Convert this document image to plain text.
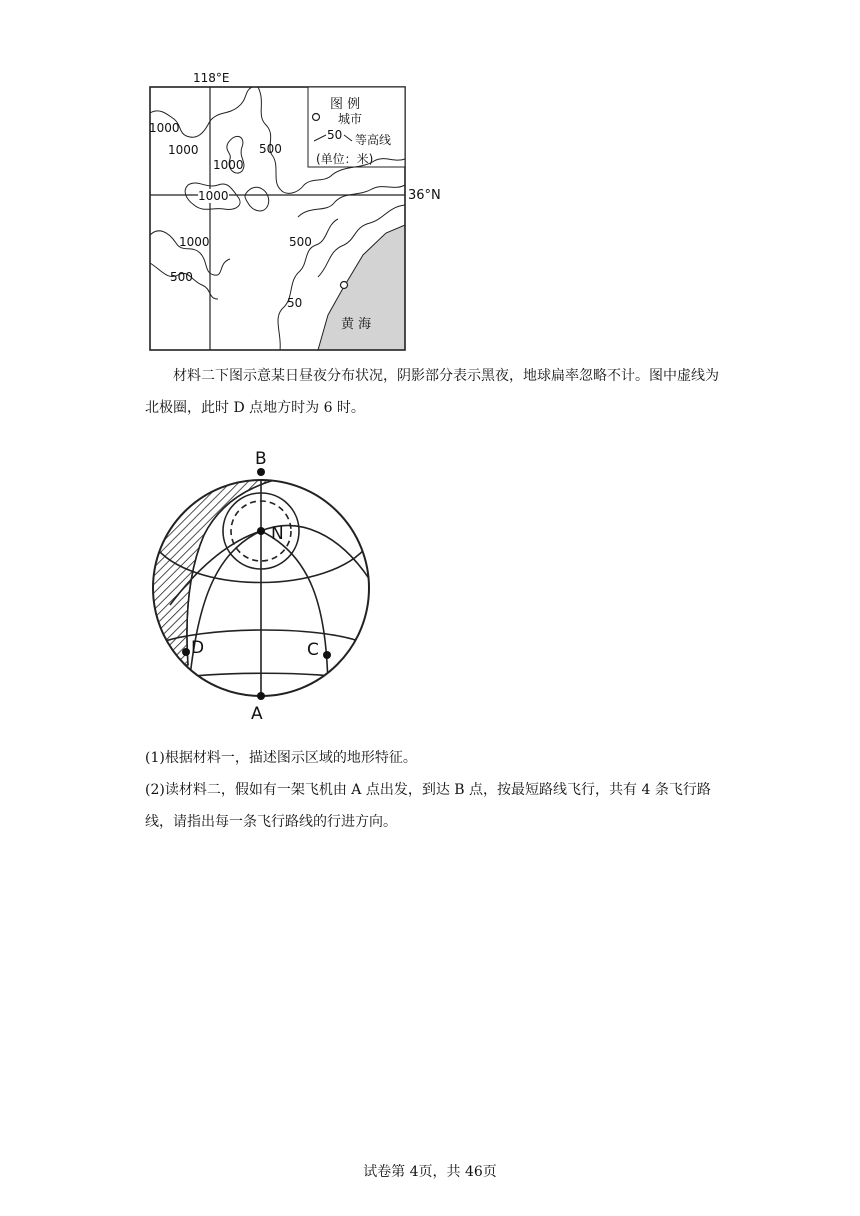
118°E
图 例
城市
50 等高线
(单位：米)
1000
1000
1000
500
1000
1000
500
500
50
36°N
黄 海

材料二下图示意某日昼夜分布状况，阴影部分表示黑夜，地球扁率忽略不计。图中虚线为北极圈，此时 D 点地方时为 6 时。

B
N
D	C
A

(1)根据材料一，描述图示区域的地形特征。

(2)读材料二，假如有一架飞机由 A 点出发，到达 B 点，按最短路线飞行，共有 4 条飞行路线，请指出每一条飞行路线的行进方向。

试卷第 4页，共 46页
